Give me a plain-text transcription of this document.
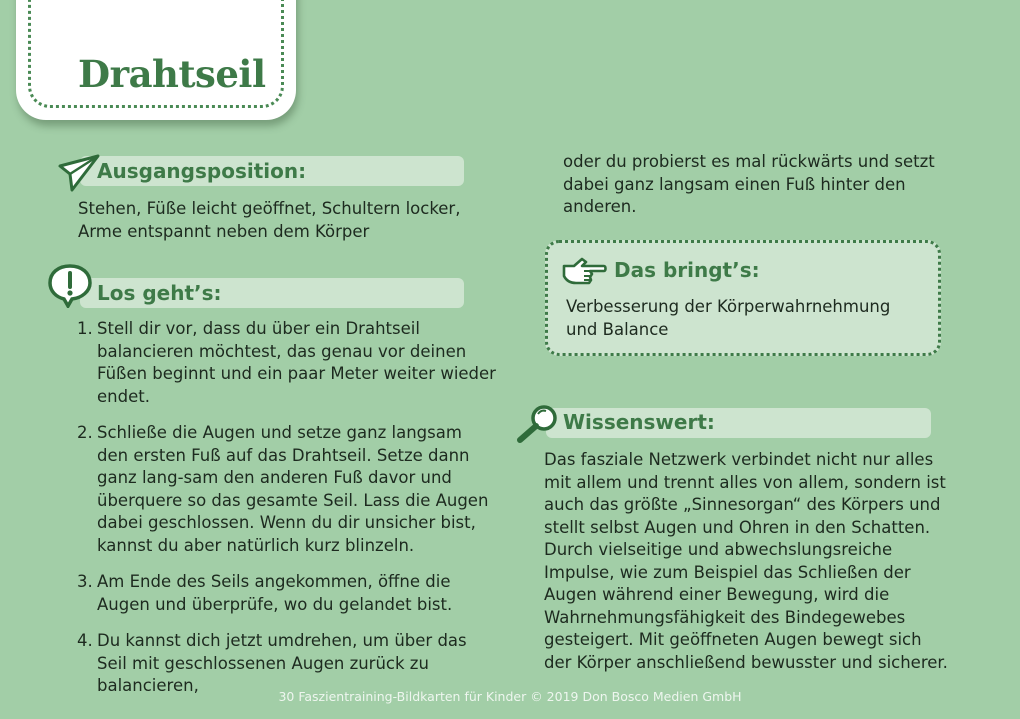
Drahtseil
Ausgangsposition:

Stehen, Füße leicht geöffnet, Schultern locker, Arme entspannt neben dem Körper

Los geht’s:
1. Stell dir vor, dass du über ein Drahtseil balancieren möchtest, das genau vor deinen Füßen beginnt und ein paar Meter weiter wieder endet.
2. Schließe die Augen und setze ganz langsam den ersten Fuß auf das Drahtseil. Setze dann ganz lang-sam den anderen Fuß davor und überquere so das gesamte Seil. Lass die Augen dabei geschlossen. Wenn du dir unsicher bist, kannst du aber natürlich kurz blinzeln.
3. Am Ende des Seils angekommen, öffne die Augen und überprüfe, wo du gelandet bist.
4. Du kannst dich jetzt umdrehen, um über das Seil mit geschlossenen Augen zurück zu balancieren,

oder du probierst es mal rückwärts und setzt dabei ganz langsam einen Fuß hinter den anderen.

Das bringt’s:

Verbesserung der Körperwahrnehmung und Balance

Wissenswert:

Das fasziale Netzwerk verbindet nicht nur alles mit allem und trennt alles von allem, sondern ist auch das größte „Sinnesorgan“ des Körpers und stellt selbst Augen und Ohren in den Schatten. Durch vielseitige und abwechslungsreiche Impulse, wie zum Beispiel das Schließen der Augen während einer Bewegung, wird die Wahrnehmungsfähigkeit des Bindegewebes gesteigert. Mit geöffneten Augen bewegt sich der Körper anschließend bewusster und sicherer.

30 Faszientraining-Bildkarten für Kinder © 2019 Don Bosco Medien GmbH
